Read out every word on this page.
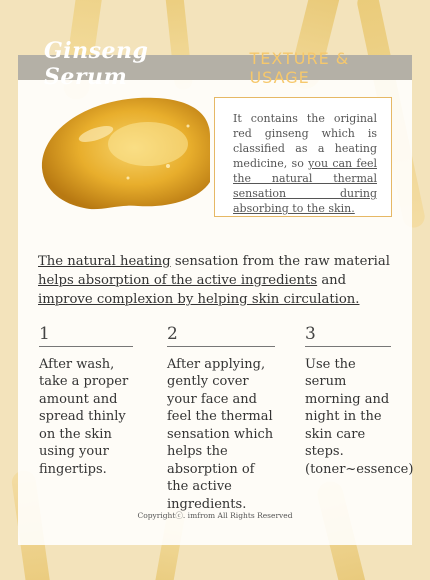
Ginseng Serum
TEXTURE & USAGE
It contains the original red ginseng which is classified as a heating medicine, so you can feel the natural thermal sensation during absorbing to the skin.
The natural heating sensation from the raw material helps absorption of the active ingredients and improve complexion by helping skin circulation.
1
After wash, take a proper amount and spread thinly on the skin using your fingertips.
2
After applying, gently cover your face and feel the thermal sensation which helps the absorption of the active ingredients.
3
Use the serum morning and night in the skin care steps. (toner~essence)
Copyrightⓒ. imfrom All Rights Reserved
